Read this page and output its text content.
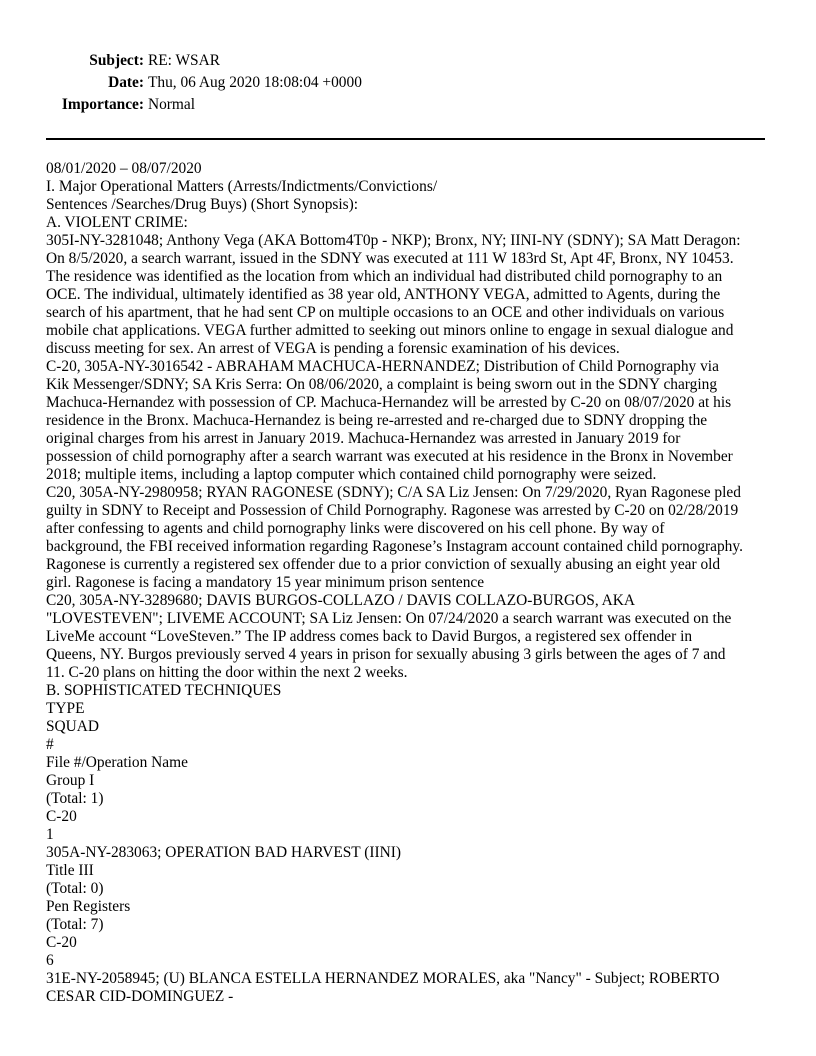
Subject: RE: WSAR
Date: Thu, 06 Aug 2020 18:08:04 +0000
Importance: Normal
08/01/2020 – 08/07/2020
I. Major Operational Matters (Arrests/Indictments/Convictions/
Sentences /Searches/Drug Buys) (Short Synopsis):
A. VIOLENT CRIME:
305I-NY-3281048; Anthony Vega (AKA Bottom4T0p - NKP); Bronx, NY; IINI-NY (SDNY); SA Matt Deragon:
On 8/5/2020, a search warrant, issued in the SDNY was executed at 111 W 183rd St, Apt 4F, Bronx, NY 10453.
The residence was identified as the location from which an individual had distributed child pornography to an
OCE. The individual, ultimately identified as 38 year old, ANTHONY VEGA, admitted to Agents, during the
search of his apartment, that he had sent CP on multiple occasions to an OCE and other individuals on various
mobile chat applications. VEGA further admitted to seeking out minors online to engage in sexual dialogue and
discuss meeting for sex. An arrest of VEGA is pending a forensic examination of his devices.
C-20, 305A-NY-3016542 - ABRAHAM MACHUCA-HERNANDEZ; Distribution of Child Pornography via
Kik Messenger/SDNY; SA Kris Serra: On 08/06/2020, a complaint is being sworn out in the SDNY charging
Machuca-Hernandez with possession of CP. Machuca-Hernandez will be arrested by C-20 on 08/07/2020 at his
residence in the Bronx. Machuca-Hernandez is being re-arrested and re-charged due to SDNY dropping the
original charges from his arrest in January 2019. Machuca-Hernandez was arrested in January 2019 for
possession of child pornography after a search warrant was executed at his residence in the Bronx in November
2018; multiple items, including a laptop computer which contained child pornography were seized.
C20, 305A-NY-2980958; RYAN RAGONESE (SDNY); C/A SA Liz Jensen: On 7/29/2020, Ryan Ragonese pled
guilty in SDNY to Receipt and Possession of Child Pornography. Ragonese was arrested by C-20 on 02/28/2019
after confessing to agents and child pornography links were discovered on his cell phone. By way of
background, the FBI received information regarding Ragonese’s Instagram account contained child pornography.
Ragonese is currently a registered sex offender due to a prior conviction of sexually abusing an eight year old
girl. Ragonese is facing a mandatory 15 year minimum prison sentence
C20, 305A-NY-3289680; DAVIS BURGOS-COLLAZO / DAVIS COLLAZO-BURGOS, AKA
"LOVESTEVEN"; LIVEME ACCOUNT; SA Liz Jensen: On 07/24/2020 a search warrant was executed on the
LiveMe account “LoveSteven.” The IP address comes back to David Burgos, a registered sex offender in
Queens, NY. Burgos previously served 4 years in prison for sexually abusing 3 girls between the ages of 7 and
11. C-20 plans on hitting the door within the next 2 weeks.
B. SOPHISTICATED TECHNIQUES
TYPE
SQUAD
#
File #/Operation Name
Group I
(Total: 1)
C-20
1
305A-NY-283063; OPERATION BAD HARVEST (IINI)
Title III
(Total: 0)
Pen Registers
(Total: 7)
C-20
6
31E-NY-2058945; (U) BLANCA ESTELLA HERNANDEZ MORALES, aka "Nancy" - Subject; ROBERTO
CESAR CID-DOMINGUEZ -
